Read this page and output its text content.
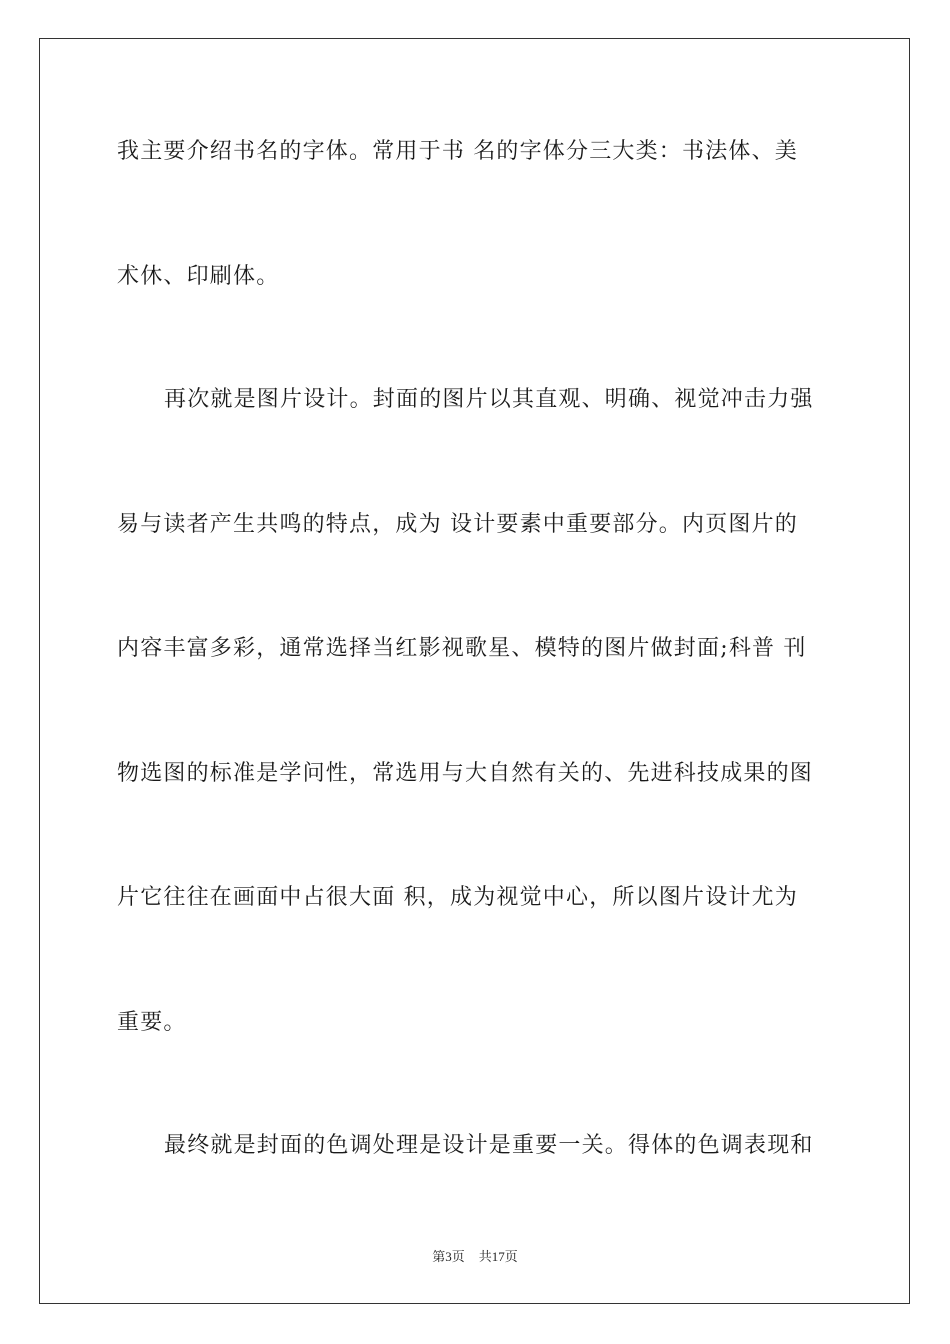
我主要介绍书名的字体。常用于书 名的字体分三大类：书法体、美
术休、印刷体。
再次就是图片设计。封面的图片以其直观、明确、视觉冲击力强
易与读者产生共鸣的特点，成为 设计要素中重要部分。内页图片的
内容丰富多彩，通常选择当红影视歌星、模特的图片做封面;科普 刊
物选图的标准是学问性，常选用与大自然有关的、先进科技成果的图
片它往往在画面中占很大面 积，成为视觉中心，所以图片设计尤为
重要。
最终就是封面的色调处理是设计是重要一关。得体的色调表现和
第3页 共17页
